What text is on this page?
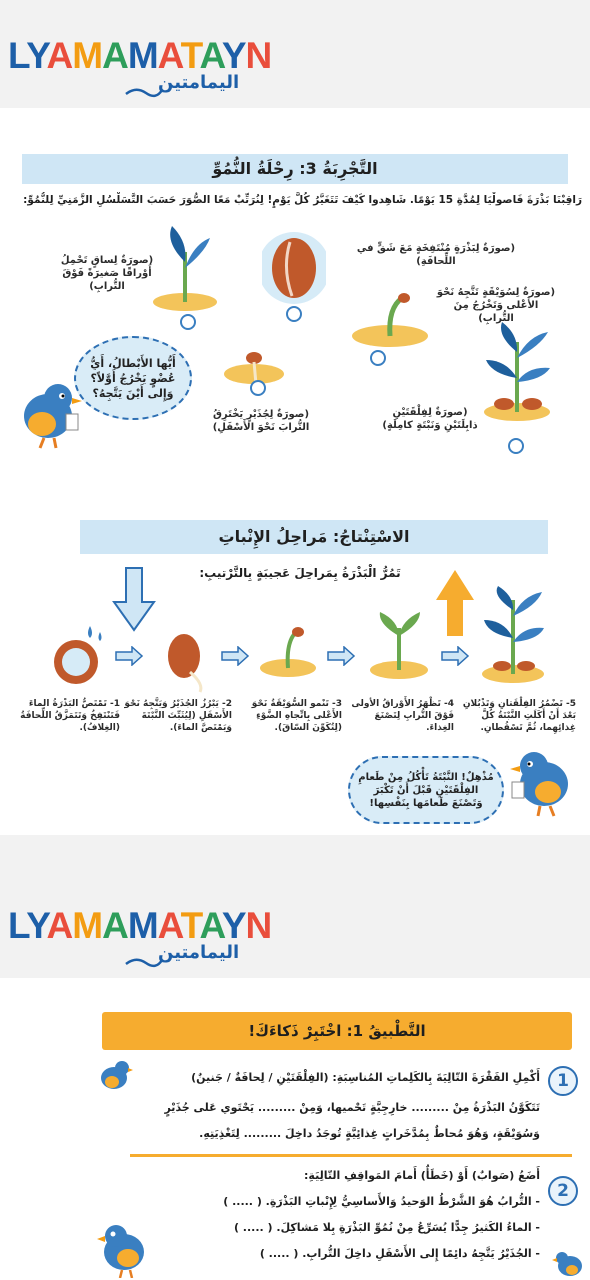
LYAMAMATAYN
اليمامتين
التَّجْرِبَةُ 3: رِحْلَةُ النُّمُوِّ
رَاقِبْنَا بَذْرَةَ فَاصولْيَا لِمُدَّةِ 15 يَوْمًا. شَاهِدوا كَيْفَ تَتَغَيَّرُ كُلَّ يَوْمٍ! لِنُرَتِّبْ مَعًا الصُّوَرَ حَسَبَ التَّسَلْسُلِ الزَّمَنِيِّ لِلنُّمُوِّ:
(صورَةٌ لِساقٍ تَحْمِلُ أَوْراقًا صَغيرَةً فَوْقَ التُّرابِ)
(صورَةٌ لِبَذْرَةٍ مُنْتَفِخَةٍ مَعَ شَقٍّ في اللِّحافَةِ)
(صورَةٌ لِسُوَيْقَةٍ تَتَّجِهُ نَحْوَ الأَعْلى وَتَخْرُجُ مِنَ التُّرابِ)
(صورَةٌ لِفِلْقَتَيْنِ ذابِلَتَيْنِ وَنَبْتَةٍ كامِلَةٍ)
(صورَةٌ لِجُذَيْرٍ يَخْتَرِقُ التُّرابَ نَحْوَ الأَسْفَلِ)
أَيُّها الأَبْطالُ، أَيُّ عُضْوٍ يَخْرُجُ أَوَّلاً؟ وَإِلى أَيْنَ يَتَّجِهُ؟
الاسْتِنْتاجُ: مَراحِلُ الإِنْباتِ
تَمُرُّ الْبَذْرَةُ بِمَراحِلَ عَجيبَةٍ بِالتَّرْتيبِ:
5- تَضْمُرُ الفِلْقَتانِ وَتَذْبُلانِ بَعْدَ أَنْ أَكَلَتِ النَّبْتَةُ كُلَّ غِذائِهِما، ثُمَّ تَسْقُطانِ.
4- تَظْهَرُ الأَوْراقُ الأولى فَوْقَ التُّرابِ لِتَصْنَعَ الغِذاءَ.
3- تَنْمو السُّوَيْقَةُ نَحْوَ الأَعْلى بِاتِّجاهِ الضَّوْءِ (لِتُكَوِّنَ السّاقَ).
2- يَبْرُزُ الجُذَيْرُ وَيَتَّجِهُ نَحْوَ الأَسْفَلِ (لِيُثَبِّتَ النَّبْتَةَ وَيَمْتَصَّ الماءَ).
1- تَمْتَصُّ البَذْرَةُ الماءَ فَتَنْتَفِخُ وَتَتَمَزَّقُ اللِّحافَةُ (الغِلافُ).
مُذْهِلٌ! النَّبْتَةُ تَأْكُلُ مِنْ طَعامِ الفِلْقَتَيْنِ قَبْلَ أَنْ تَكْبَرَ وَتَصْنَعَ طَعامَها بِنَفْسِها!
LYAMAMATAYN
اليمامتين
التَّطْبيقُ 1: اخْتَبِرْ ذَكاءَكَ!
1
أَكْمِلِ الفَقْرَةَ التّالِيَةَ بِالكَلِماتِ المُناسِبَةِ: (الفِلْقَتَيْنِ / لِحافَةٌ / جَنينٌ)
تَتَكَوَّنُ البَذْرَةُ مِنْ ......... خارِجِيَّةٍ تَحْميها، وَمِنْ ......... يَحْتَوي عَلى جُذَيْرٍ
وَسُوَيْقَةٍ، وَهُوَ مُحاطٌ بِمُدَّخَراتٍ غِذائِيَّةٍ تُوجَدُ داخِلَ ......... لِتَغْذِيَتِهِ.
2
أَضَعُ (صَوابٌ) أَوْ (خَطَأٌ) أَمامَ المَواقِفِ التّالِيَةِ:
- التُّرابُ هُوَ الشَّرْطُ الوَحيدُ وَالأَساسِيُّ لِإِنْباتِ البَذْرَةِ. ( ..... )
- الماءُ الكَثيرُ جِدًّا يُسَرِّعُ مِنْ نُمُوِّ البَذْرَةِ بِلا مَشاكِلَ. ( ..... )
- الجُذَيْرُ يَتَّجِهُ دائِمًا إِلى الأَسْفَلِ داخِلَ التُّرابِ. ( ..... )
